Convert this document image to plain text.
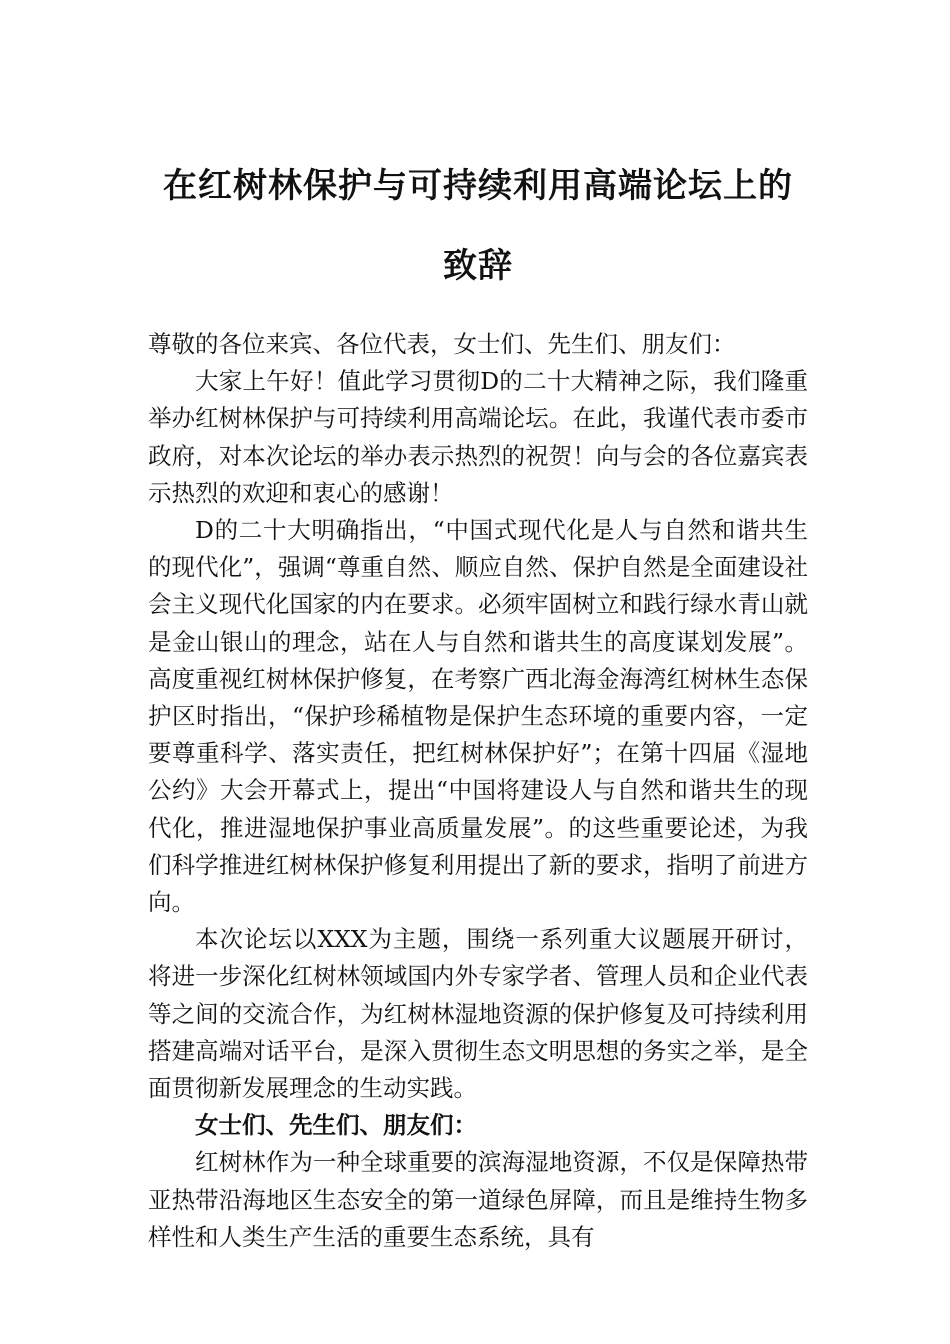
在红树林保护与可持续利用高端论坛上的致辞

尊敬的各位来宾、各位代表，女士们、先生们、朋友们：

大家上午好！值此学习贯彻D的二十大精神之际，我们隆重举办红树林保护与可持续利用高端论坛。在此，我谨代表市委市政府，对本次论坛的举办表示热烈的祝贺！向与会的各位嘉宾表示热烈的欢迎和衷心的感谢！

D的二十大明确指出，“中国式现代化是人与自然和谐共生的现代化”，强调“尊重自然、顺应自然、保护自然是全面建设社会主义现代化国家的内在要求。必须牢固树立和践行绿水青山就是金山银山的理念，站在人与自然和谐共生的高度谋划发展”。高度重视红树林保护修复，在考察广西北海金海湾红树林生态保护区时指出，“保护珍稀植物是保护生态环境的重要内容，一定要尊重科学、落实责任，把红树林保护好”；在第十四届《湿地公约》大会开幕式上，提出“中国将建设人与自然和谐共生的现代化，推进湿地保护事业高质量发展”。的这些重要论述，为我们科学推进红树林保护修复利用提出了新的要求，指明了前进方向。

本次论坛以XXX为主题，围绕一系列重大议题展开研讨，将进一步深化红树林领域国内外专家学者、管理人员和企业代表等之间的交流合作，为红树林湿地资源的保护修复及可持续利用搭建高端对话平台，是深入贯彻生态文明思想的务实之举，是全面贯彻新发展理念的生动实践。

女士们、先生们、朋友们：

红树林作为一种全球重要的滨海湿地资源，不仅是保障热带亚热带沿海地区生态安全的第一道绿色屏障，而且是维持生物多样性和人类生产生活的重要生态系统，具有
